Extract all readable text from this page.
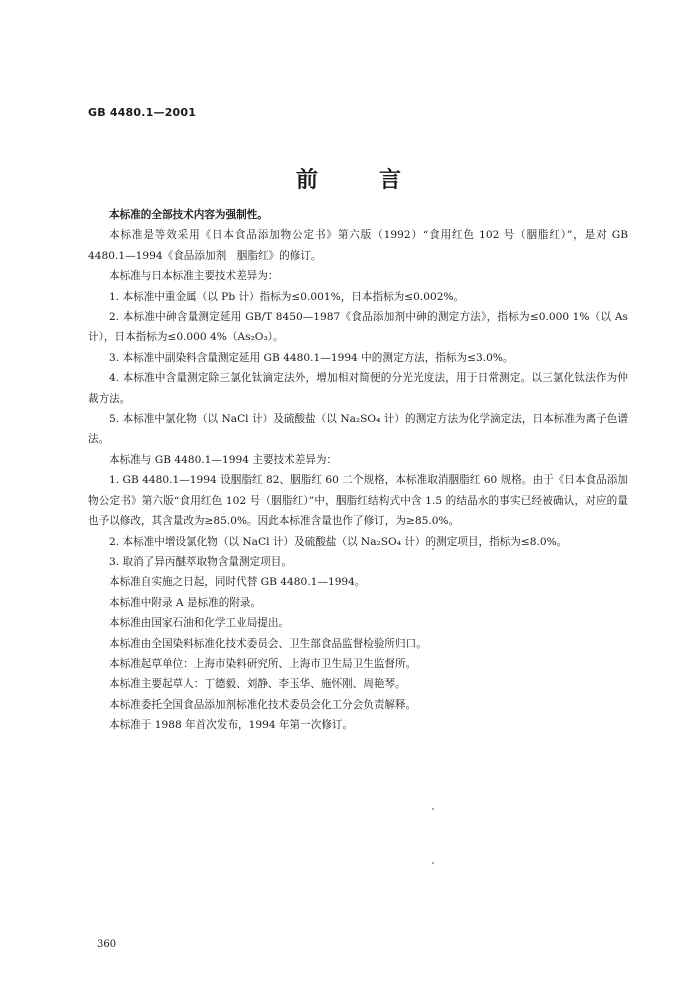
GB 4480.1—2001
前	言

本标准的全部技术内容为强制性。

本标准是等效采用《日本食品添加物公定书》第六版（1992）“食用红色 102 号（胭脂红）”，是对 GB 4480.1—1994《食品添加剂　胭脂红》的修订。

本标准与日本标准主要技术差异为：

1. 本标准中重金属（以 Pb 计）指标为≤0.001%，日本指标为≤0.002%。

2. 本标准中砷含量测定延用 GB/T 8450—1987《食品添加剂中砷的测定方法》，指标为≤0.000 1%（以 As 计），日本指标为≤0.000 4%（As₂O₃）。

3. 本标准中副染料含量测定延用 GB 4480.1—1994 中的测定方法，指标为≤3.0%。

4. 本标准中含量测定除三氯化钛滴定法外，增加相对简便的分光光度法，用于日常测定。以三氯化钛法作为仲裁方法。

5. 本标准中氯化物（以 NaCl 计）及硫酸盐（以 Na₂SO₄ 计）的测定方法为化学滴定法，日本标准为离子色谱法。

本标准与 GB 4480.1—1994 主要技术差异为：

1. GB 4480.1—1994 设胭脂红 82、胭脂红 60 二个规格，本标准取消胭脂红 60 规格。由于《日本食品添加物公定书》第六版“食用红色 102 号（胭脂红）”中，胭脂红结构式中含 1.5 的结晶水的事实已经被确认，对应的量也予以修改，其含量改为≥85.0%。因此本标准含量也作了修订，为≥85.0%。

2. 本标准中增设氯化物（以 NaCl 计）及硫酸盐（以 Na₂SO₄ 计）的测定项目，指标为≤8.0%。

3. 取消了异丙醚萃取物含量测定项目。

本标准自实施之日起，同时代替 GB 4480.1—1994。

本标准中附录 A 是标准的附录。

本标准由国家石油和化学工业局提出。

本标准由全国染料标准化技术委员会、卫生部食品监督检验所归口。

本标准起草单位：上海市染料研究所、上海市卫生局卫生监督所。

本标准主要起草人：丁德毅、刘静、李玉华、施怀刚、周艳琴。

本标准委托全国食品添加剂标准化技术委员会化工分会负责解释。

本标准于 1988 年首次发布，1994 年第一次修订。

360
